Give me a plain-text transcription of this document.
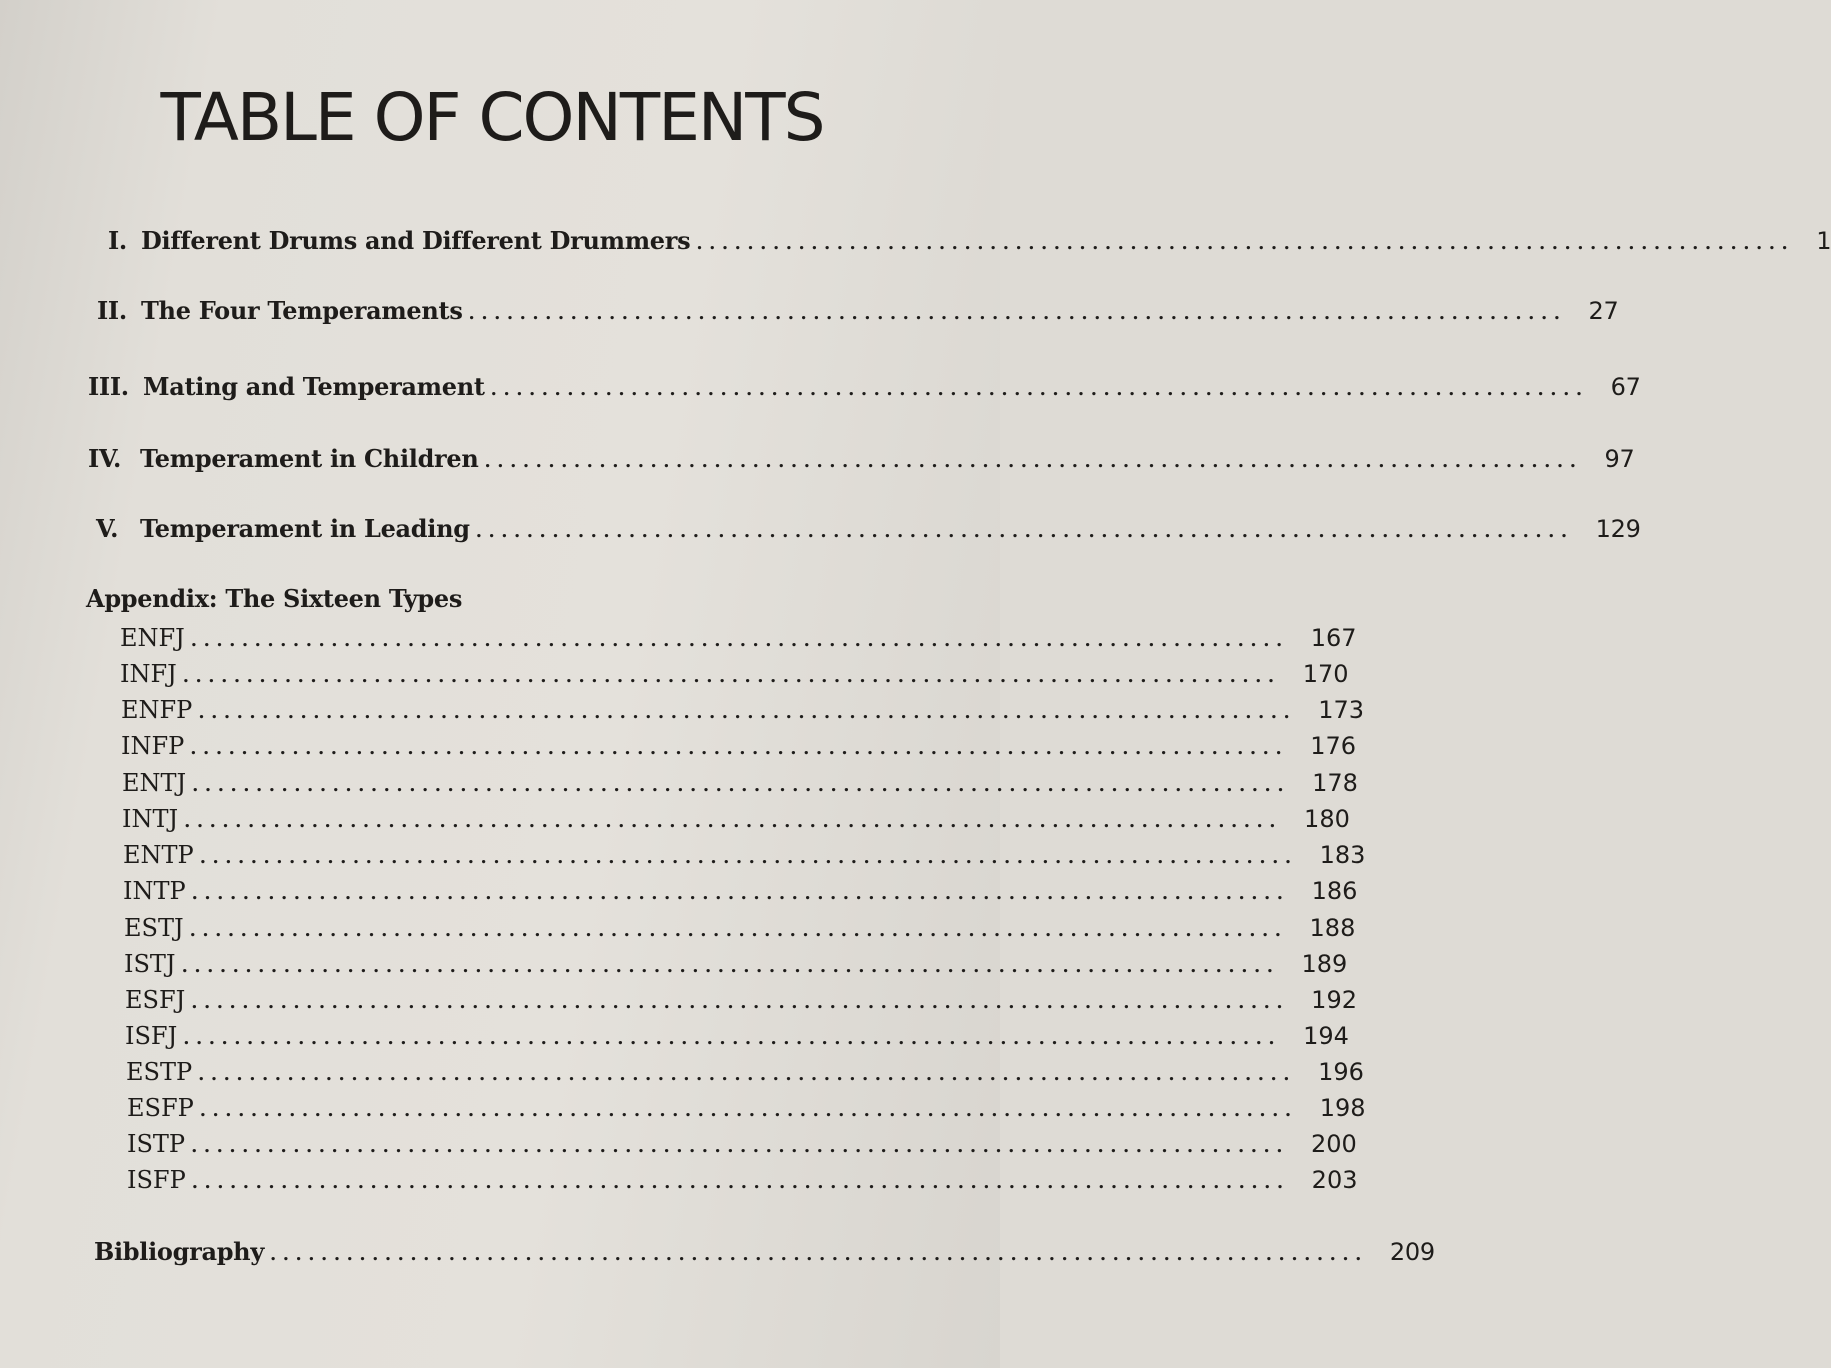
TABLE OF CONTENTS
I. Different Drums and Different Drummers ...................................................................................... 1
II. The Four Temperaments ...................................................................................... 27
III. Mating and Temperament ...................................................................................... 67
IV. Temperament in Children ...................................................................................... 97
V. Temperament in Leading ...................................................................................... 129
Appendix: The Sixteen Types
ENFJ ...................................................................................... 167
INFJ ...................................................................................... 170
ENFP ...................................................................................... 173
INFP ...................................................................................... 176
ENTJ ...................................................................................... 178
INTJ ...................................................................................... 180
ENTP ...................................................................................... 183
INTP ...................................................................................... 186
ESTJ ...................................................................................... 188
ISTJ ...................................................................................... 189
ESFJ ...................................................................................... 192
ISFJ ...................................................................................... 194
ESTP ...................................................................................... 196
ESFP ...................................................................................... 198
ISTP ...................................................................................... 200
ISFP ...................................................................................... 203
Bibliography ...................................................................................... 209
